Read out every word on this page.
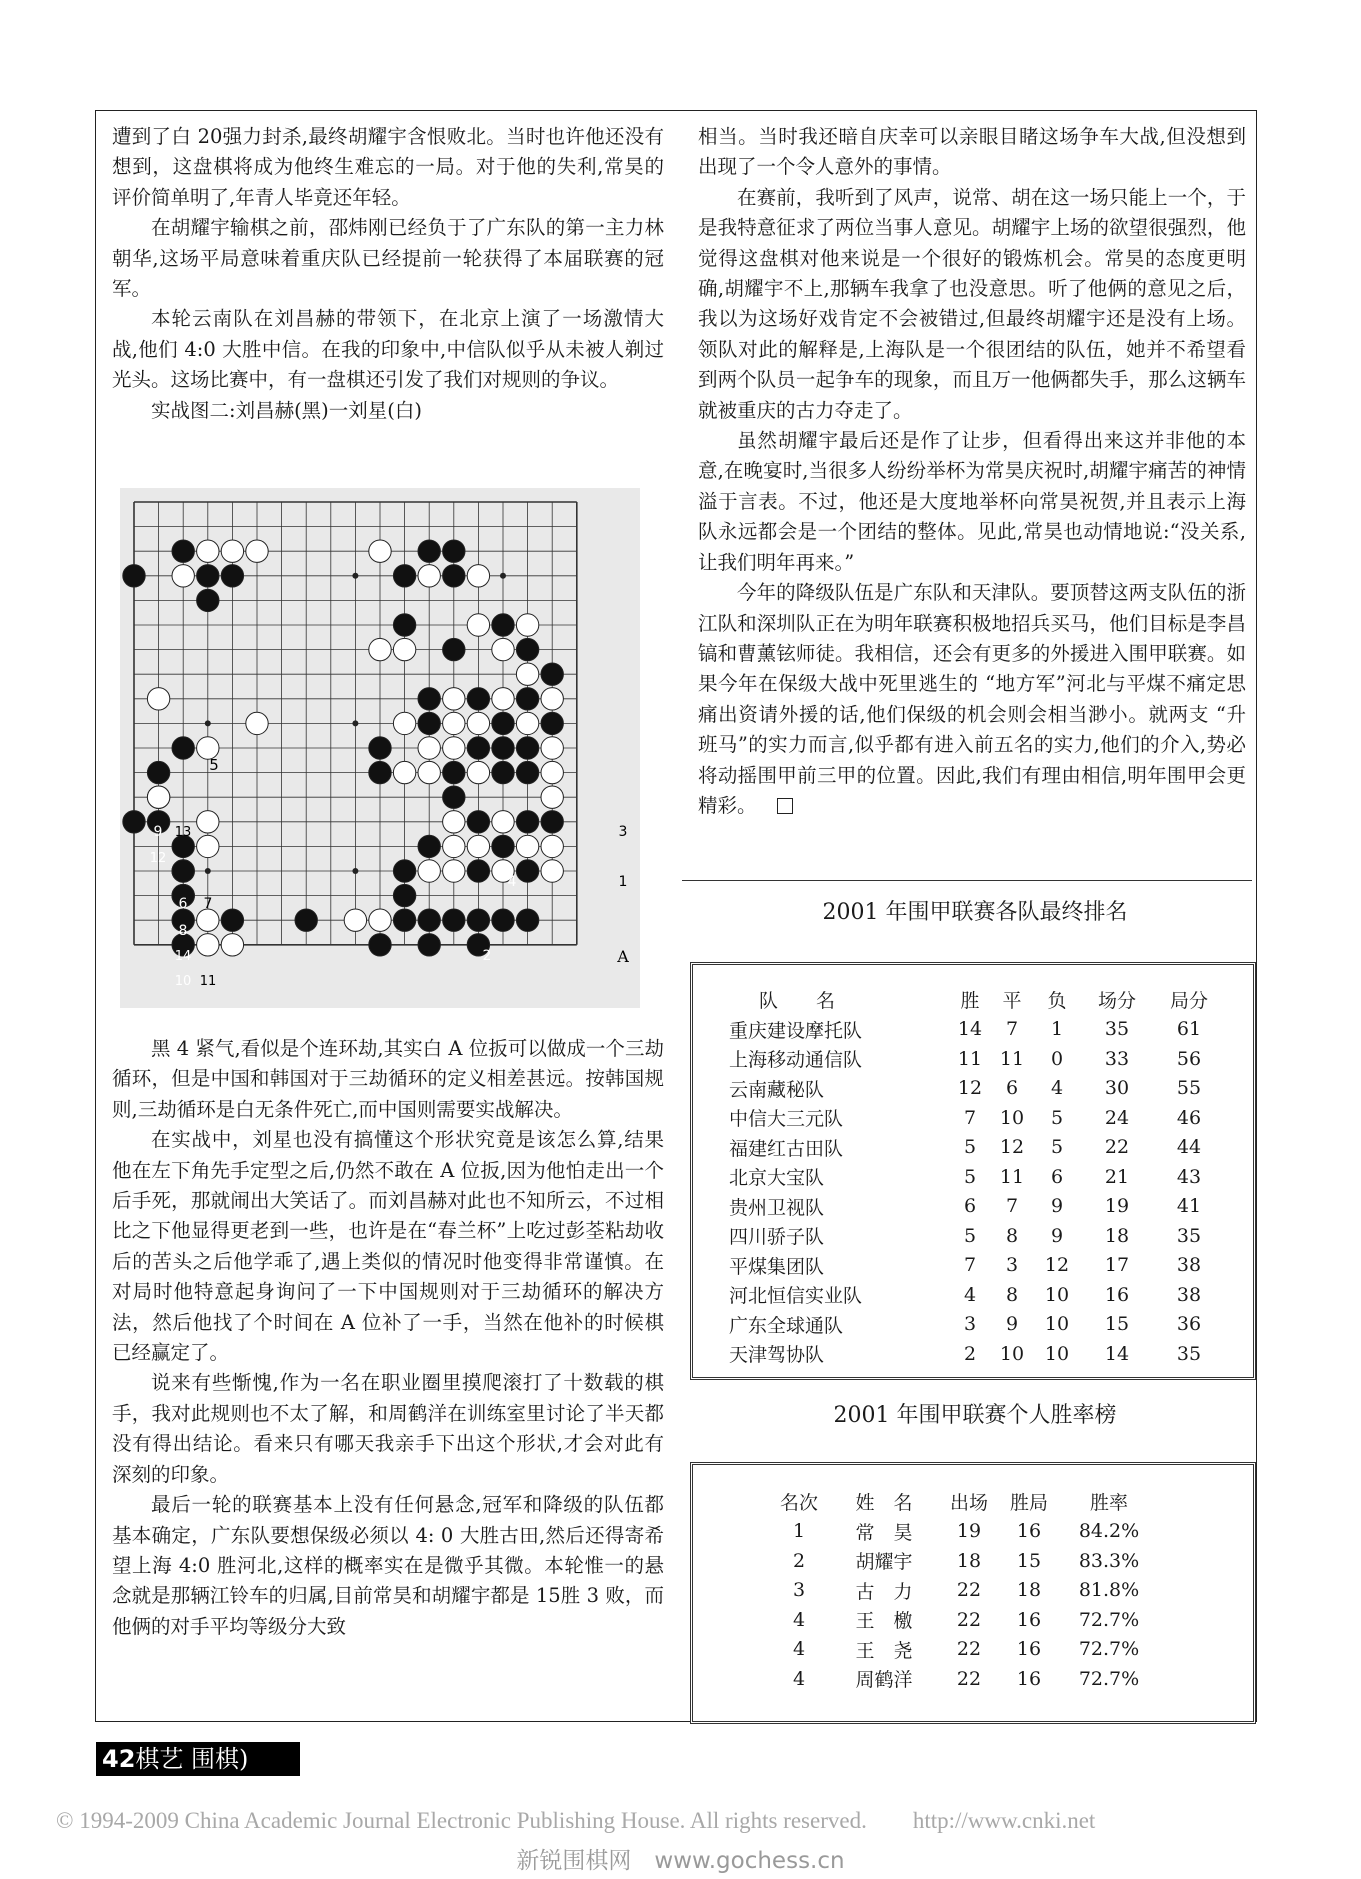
遭到了白 20强力封杀,最终胡耀宇含恨败北。当时也许他还没有想到，这盘棋将成为他终生难忘的一局。对于他的失利,常昊的评价简单明了,年青人毕竟还年轻。

在胡耀宇输棋之前，邵炜刚已经负于了广东队的第一主力林朝华,这场平局意味着重庆队已经提前一轮获得了本届联赛的冠军。

本轮云南队在刘昌赫的带领下，在北京上演了一场激情大战,他们 4:0 大胜中信。在我的印象中,中信队似乎从未被人剃过光头。这场比赛中，有一盘棋还引发了我们对规则的争议。

实战图二:刘昌赫(黑)一刘星(白)

5
9 13
12
6 7
8
14
10 11
4
2
1
3
A

黑 4 紧气,看似是个连环劫,其实白 A 位扳可以做成一个三劫循环，但是中国和韩国对于三劫循环的定义相差甚远。按韩国规则,三劫循环是白无条件死亡,而中国则需要实战解决。

在实战中，刘星也没有搞懂这个形状究竟是该怎么算,结果他在左下角先手定型之后,仍然不敢在 A 位扳,因为他怕走出一个后手死，那就闹出大笑话了。而刘昌赫对此也不知所云，不过相比之下他显得更老到一些，也许是在“春兰杯”上吃过彭荃粘劫收后的苦头之后他学乖了,遇上类似的情况时他变得非常谨慎。在对局时他特意起身询问了一下中国规则对于三劫循环的解决方法，然后他找了个时间在 A 位补了一手，当然在他补的时候棋已经赢定了。

说来有些惭愧,作为一名在职业圈里摸爬滚打了十数载的棋手，我对此规则也不太了解，和周鹤洋在训练室里讨论了半天都没有得出结论。看来只有哪天我亲手下出这个形状,才会对此有深刻的印象。

最后一轮的联赛基本上没有任何悬念,冠军和降级的队伍都基本确定，广东队要想保级必须以 4: 0 大胜古田,然后还得寄希望上海 4:0 胜河北,这样的概率实在是微乎其微。本轮惟一的悬念就是那辆江铃车的归属,目前常昊和胡耀宇都是 15胜 3 败，而他俩的对手平均等级分大致

相当。当时我还暗自庆幸可以亲眼目睹这场争车大战,但没想到出现了一个令人意外的事情。

在赛前，我听到了风声，说常、胡在这一场只能上一个，于是我特意征求了两位当事人意见。胡耀宇上场的欲望很强烈，他觉得这盘棋对他来说是一个很好的锻炼机会。常昊的态度更明确,胡耀宇不上,那辆车我拿了也没意思。听了他俩的意见之后，我以为这场好戏肯定不会被错过,但最终胡耀宇还是没有上场。领队对此的解释是,上海队是一个很团结的队伍，她并不希望看到两个队员一起争车的现象，而且万一他俩都失手，那么这辆车就被重庆的古力夺走了。

虽然胡耀宇最后还是作了让步，但看得出来这并非他的本意,在晚宴时,当很多人纷纷举杯为常昊庆祝时,胡耀宇痛苦的神情溢于言表。不过，他还是大度地举杯向常昊祝贺,并且表示上海队永远都会是一个团结的整体。见此,常昊也动情地说:“没关系,让我们明年再来。”

今年的降级队伍是广东队和天津队。要顶替这两支队伍的浙江队和深圳队正在为明年联赛积极地招兵买马，他们目标是李昌镐和曹薰铉师徒。我相信，还会有更多的外援进入围甲联赛。如果今年在保级大战中死里逃生的 “地方军”河北与平煤不痛定思痛出资请外援的话,他们保级的机会则会相当渺小。就两支 “升班马”的实力而言,似乎都有进入前五名的实力,他们的介入,势必将动摇围甲前三甲的位置。因此,我们有理由相信,明年围甲会更精彩。

2001 年围甲联赛各队最终排名
队　　名	胜	平	负	场分	局分
重庆建设摩托队	14	7	1	35	61
上海移动通信队	11	11	0	33	56
云南藏秘队	12	6	4	30	55
中信大三元队	7	10	5	24	46
福建红古田队	5	12	5	22	44
北京大宝队	5	11	6	21	43
贵州卫视队	6	7	9	19	41
四川骄子队	5	8	9	18	35
平煤集团队	7	3	12	17	38
河北恒信实业队	4	8	10	16	38
广东全球通队	3	9	10	15	36
天津驾协队	2	10	10	14	35
2001 年围甲联赛个人胜率榜
名次	姓　名	出场	胜局	胜率
1	常　昊	19	16	84.2%
2	胡耀宇	18	15	83.3%
3	古　力	22	18	81.8%
4	王　檄	22	16	72.7%
4	王　尧	22	16	72.7%
4	周鹤洋	22	16	72.7%
42棋艺 围棋)
© 1994-2009 China Academic Journal Electronic Publishing House. All rights reserved.　　http://www.cnki.net
新锐围棋网　www.gochess.cn
